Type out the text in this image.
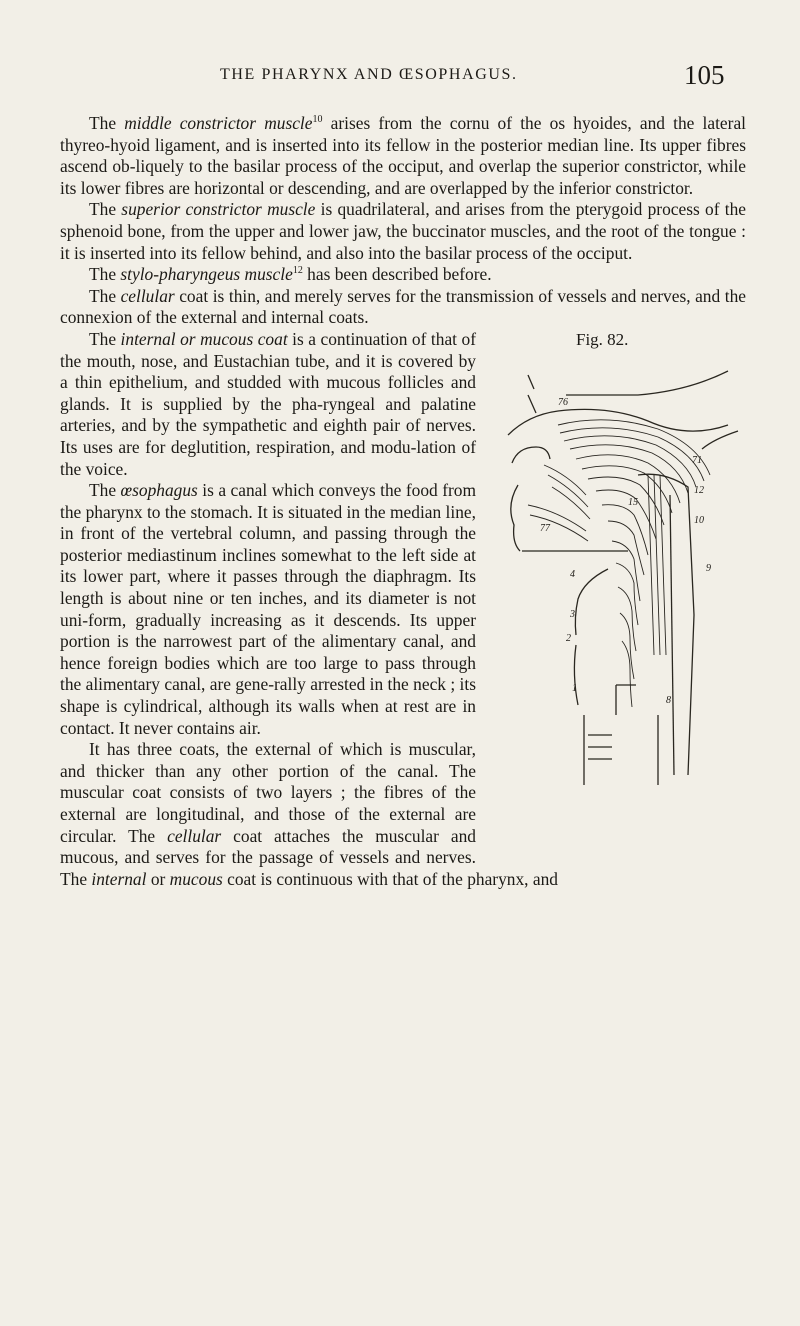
THE PHARYNX AND ŒSOPHAGUS.	105

The middle constrictor muscle$^{10}$ arises from the cornu of the os hyoides, and the lateral thyreo-hyoid ligament, and is inserted into its fellow in the posterior median line. Its upper fibres ascend ob-liquely to the basilar process of the occiput, and overlap the superior constrictor, while its lower fibres are horizontal or descending, and are overlapped by the inferior constrictor.

The superior constrictor muscle is quadrilateral, and arises from the pterygoid process of the sphenoid bone, from the upper and lower jaw, the buccinator muscles, and the root of the tongue : it is inserted into its fellow behind, and also into the basilar process of the occiput.

The stylo-pharyngeus muscle$^{12}$ has been described before.

The cellular coat is thin, and merely serves for the transmission of vessels and nerves, and the connexion of the external and internal coats.

Fig. 82.
76
77
71
12
10
9
4
3
2
1
8
15

The internal or mucous coat is a continuation of that of the mouth, nose, and Eustachian tube, and it is covered by a thin epithelium, and studded with mucous follicles and glands. It is supplied by the pha-ryngeal and palatine arteries, and by the sympathetic and eighth pair of nerves. Its uses are for deglutition, respiration, and modu-lation of the voice.

The œsophagus is a canal which conveys the food from the pharynx to the stomach. It is situated in the median line, in front of the vertebral column, and passing through the posterior mediastinum inclines somewhat to the left side at its lower part, where it passes through the diaphragm. Its length is about nine or ten inches, and its diameter is not uni-form, gradually increasing as it descends. Its upper portion is the narrowest part of the alimentary canal, and hence foreign bodies which are too large to pass through the alimentary canal, are gene-rally arrested in the neck ; its shape is cylindrical, although its walls when at rest are in contact. It never contains air.

It has three coats, the external of which is muscular, and thicker than any other portion of the canal. The muscular coat consists of two layers ; the fibres of the external are longitudinal, and those of the external are circular. The cellular coat attaches the muscular and mucous, and serves for the passage of vessels and nerves. The internal or mucous coat is continuous with that of the pharynx, and
